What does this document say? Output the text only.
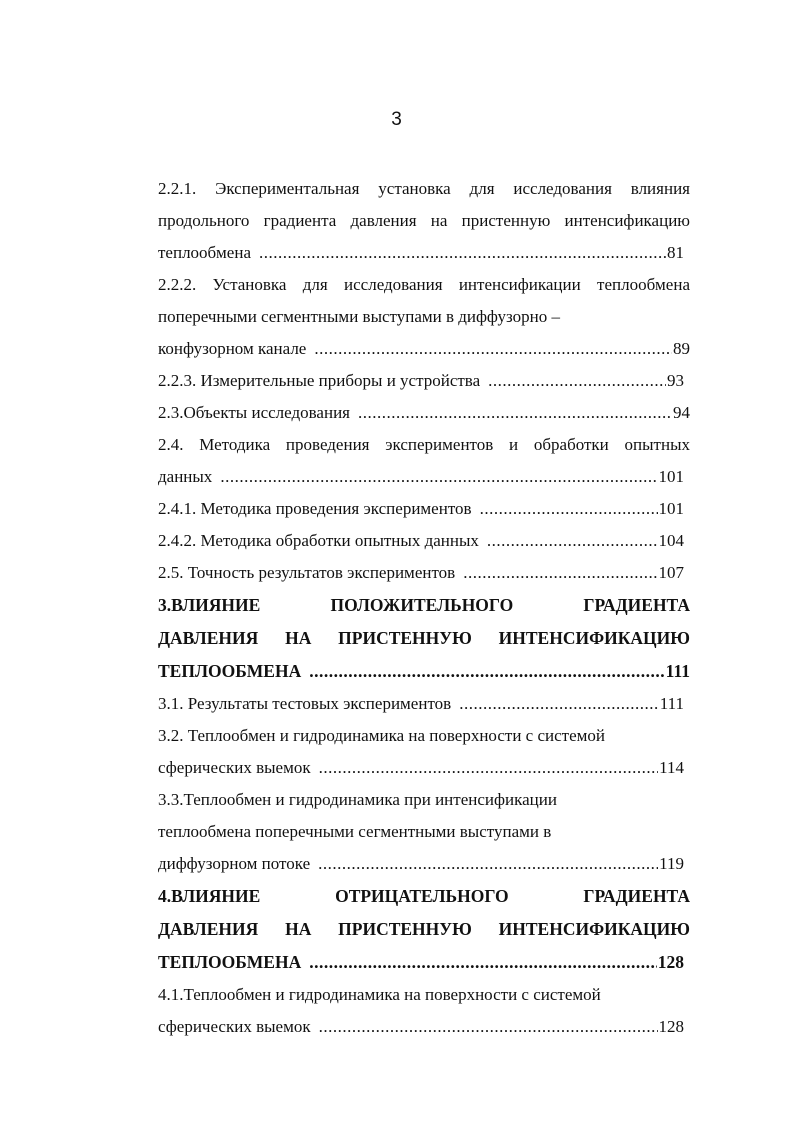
3
2.2.1. Экспериментальная установка для исследования влияния
продольного градиента давления на пристенную интенсификацию
теплообмена .....	81
2.2.2. Установка для исследования интенсификации теплообмена
поперечными сегментными выступами в диффузорно –
конфузорном канале .....	89
2.2.3. Измерительные приборы и устройства .....	93
2.3.Объекты исследования .....	94
2.4. Методика проведения экспериментов и обработки опытных
данных .....	101
2.4.1. Методика проведения экспериментов .....	101
2.4.2. Методика обработки опытных данных .....	104
2.5. Точность результатов экспериментов .....	107
3.ВЛИЯНИЕ	ПОЛОЖИТЕЛЬНОГО	ГРАДИЕНТА
ДАВЛЕНИЯ НА ПРИСТЕННУЮ ИНТЕНСИФИКАЦИЮ
ТЕПЛООБМЕНА .....	111
3.1. Результаты тестовых экспериментов .....	111
3.2. Теплообмен и гидродинамика на поверхности с системой
сферических выемок .....	114
3.3.Теплообмен и гидродинамика при интенсификации
теплообмена поперечными сегментными выступами в
диффузорном потоке .....	119
4.ВЛИЯНИЕ	ОТРИЦАТЕЛЬНОГО	ГРАДИЕНТА
ДАВЛЕНИЯ НА ПРИСТЕННУЮ ИНТЕНСИФИКАЦИЮ
ТЕПЛООБМЕНА .....	128
4.1.Теплообмен и гидродинамика на поверхности с системой
сферических выемок .....	128
